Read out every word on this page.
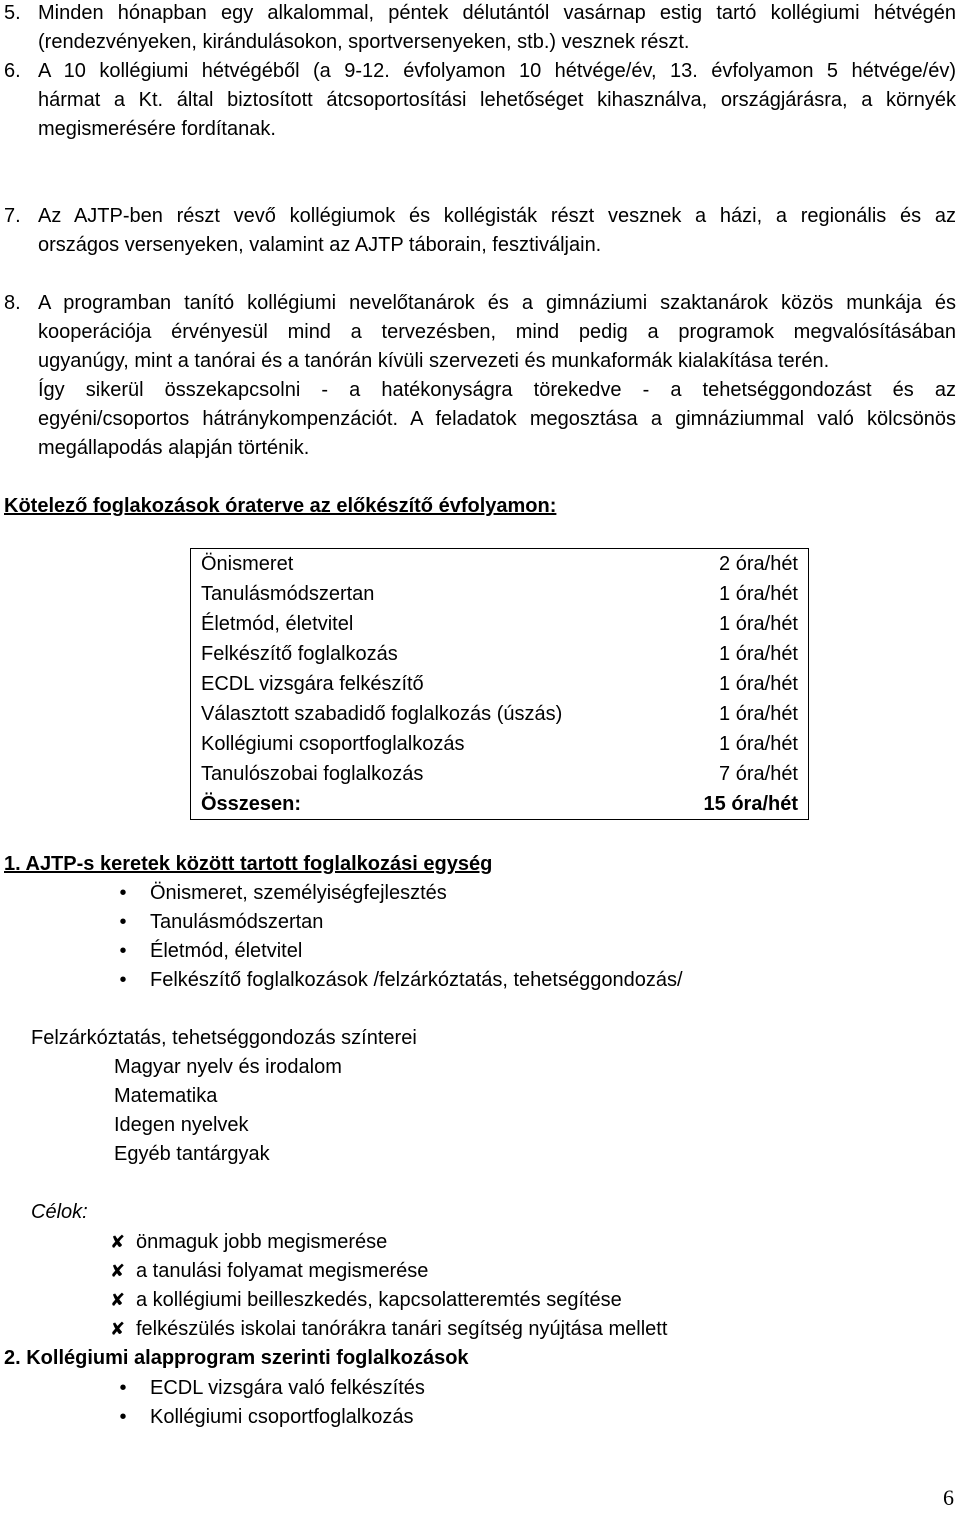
5. Minden hónapban egy alkalommal, péntek délutántól vasárnap estig tartó kollégiumi hétvégén
(rendezvényeken, kirándulásokon, sportversenyeken, stb.) vesznek részt.
6. A 10 kollégiumi hétvégéből (a 9-12. évfolyamon 10 hétvége/év, 13. évfolyamon 5 hétvége/év)
hármat a Kt. által biztosított átcsoportosítási lehetőséget kihasználva, országjárásra, a környék
megismerésére fordítanak.
7. Az AJTP-ben részt vevő kollégiumok és kollégisták részt vesznek a házi, a regionális és az
országos versenyeken, valamint az AJTP táborain, fesztiváljain.
8. A programban tanító kollégiumi nevelőtanárok és a gimnáziumi szaktanárok közös munkája és
kooperációja érvényesül mind a tervezésben, mind pedig a programok megvalósításában
ugyanúgy, mint a tanórai és a tanórán kívüli szervezeti és munkaformák kialakítása terén.
Így sikerül összekapcsolni - a hatékonyságra törekedve - a tehetséggondozást és az
egyéni/csoportos hátránykompenzációt. A feladatok megosztása a gimnáziummal való kölcsönös
megállapodás alapján történik.
Kötelező foglakozások óraterve az előkészítő évfolyamon:
Önismeret	2 óra/hét
Tanulásmódszertan	1 óra/hét
Életmód, életvitel	1 óra/hét
Felkészítő foglalkozás	1 óra/hét
ECDL vizsgára felkészítő	1 óra/hét
Választott szabadidő foglalkozás (úszás)	1 óra/hét
Kollégiumi csoportfoglalkozás	1 óra/hét
Tanulószobai foglalkozás	7 óra/hét
Összesen:	15 óra/hét
1. AJTP-s keretek között tartott foglalkozási egység
• Önismeret, személyiségfejlesztés
• Tanulásmódszertan
• Életmód, életvitel
• Felkészítő foglalkozások /felzárkóztatás, tehetséggondozás/
Felzárkóztatás, tehetséggondozás színterei
Magyar nyelv és irodalom
Matematika
Idegen nyelvek
Egyéb tantárgyak
Célok:
✘ önmaguk jobb megismerése
✘ a tanulási folyamat megismerése
✘ a kollégiumi beilleszkedés, kapcsolatteremtés segítése
✘ felkészülés iskolai tanórákra tanári segítség nyújtása mellett
2. Kollégiumi alapprogram szerinti foglalkozások
• ECDL vizsgára való felkészítés
• Kollégiumi csoportfoglalkozás
6
